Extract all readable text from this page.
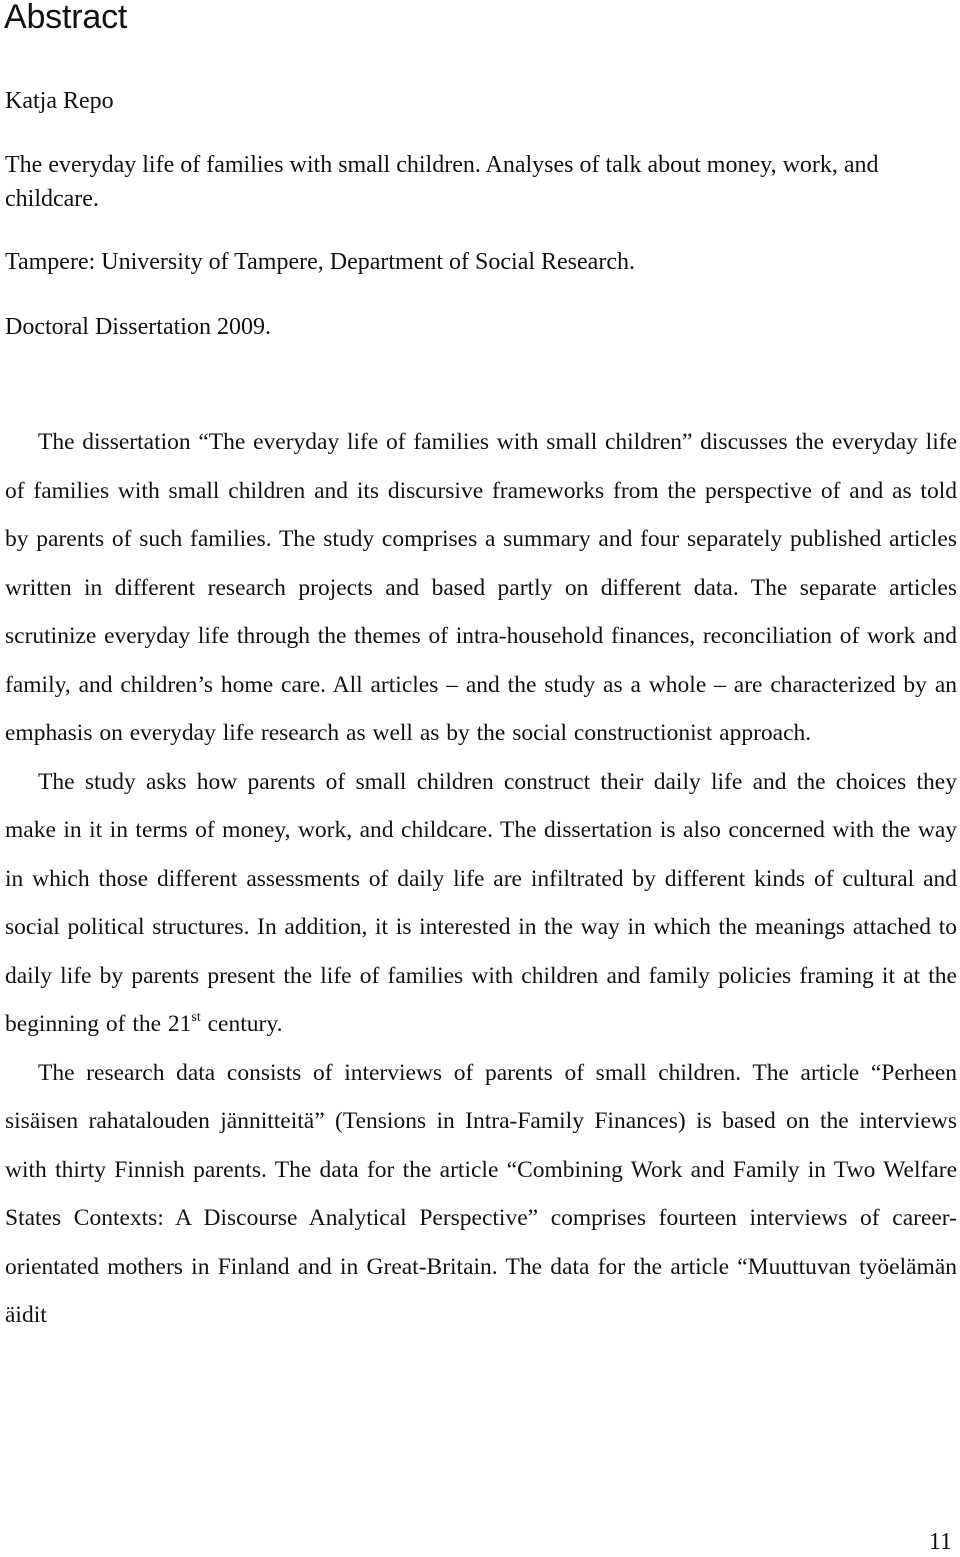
Abstract

Katja Repo

The everyday life of families with small children. Analyses of talk about money, work, and childcare.

Tampere: University of Tampere, Department of Social Research.

Doctoral Dissertation 2009.

The dissertation “The everyday life of families with small children” discusses the everyday life of families with small children and its discursive frameworks from the perspective of and as told by parents of such families. The study comprises a summary and four separately published articles written in different research projects and based partly on different data. The separate articles scrutinize everyday life through the themes of intra-household finances, reconciliation of work and family, and children’s home care. All articles – and the study as a whole – are characterized by an emphasis on everyday life research as well as by the social constructionist approach.

The study asks how parents of small children construct their daily life and the choices they make in it in terms of money, work, and childcare. The dissertation is also concerned with the way in which those different assessments of daily life are infiltrated by different kinds of cultural and social political structures. In addition, it is interested in the way in which the meanings attached to daily life by parents present the life of families with children and family policies framing it at the beginning of the 21st century.

The research data consists of interviews of parents of small children. The article “Perheen sisäisen rahatalouden jännitteitä” (Tensions in Intra-Family Finances) is based on the interviews with thirty Finnish parents. The data for the article “Combining Work and Family in Two Welfare States Contexts: A Discourse Analytical Perspective” comprises fourteen interviews of career-orientated mothers in Finland and in Great-Britain. The data for the article “Muuttuvan työelämän äidit

11
